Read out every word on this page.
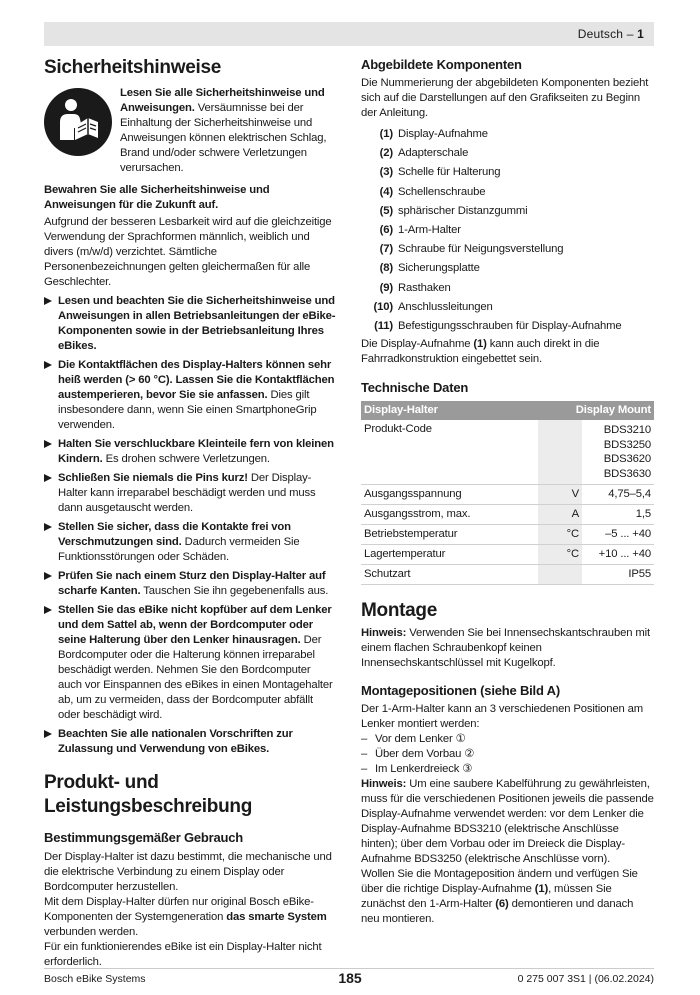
Deutsch – 1
Sicherheitshinweise

Lesen Sie alle Sicherheitshinweise und Anweisungen. Versäumnisse bei der Einhaltung der Sicherheitshinweise und Anweisungen können elektrischen Schlag, Brand und/oder schwere Verletzungen verursachen.

Bewahren Sie alle Sicherheitshinweise und Anweisungen für die Zukunft auf.

Aufgrund der besseren Lesbarkeit wird auf die gleichzeitige Verwendung der Sprachformen männlich, weiblich und divers (m/w/d) verzichtet. Sämtliche Personenbezeichnungen gelten gleichermaßen für alle Geschlechter.

Lesen und beachten Sie die Sicherheitshinweise und Anweisungen in allen Betriebsanleitungen der eBike-Komponenten sowie in der Betriebsanleitung Ihres eBikes.
Die Kontaktflächen des Display-Halters können sehr heiß werden (> 60 °C). Lassen Sie die Kontaktflächen austemperieren, bevor Sie sie anfassen. Dies gilt insbesondere dann, wenn Sie einen SmartphoneGrip verwenden.
Halten Sie verschluckbare Kleinteile fern von kleinen Kindern. Es drohen schwere Verletzungen.
Schließen Sie niemals die Pins kurz! Der Display-Halter kann irreparabel beschädigt werden und muss dann ausgetauscht werden.
Stellen Sie sicher, dass die Kontakte frei von Verschmutzungen sind. Dadurch vermeiden Sie Funktionsstörungen oder Schäden.
Prüfen Sie nach einem Sturz den Display-Halter auf scharfe Kanten. Tauschen Sie ihn gegebenenfalls aus.
Stellen Sie das eBike nicht kopfüber auf dem Lenker und dem Sattel ab, wenn der Bordcomputer oder seine Halterung über den Lenker hinausragen. Der Bordcomputer oder die Halterung können irreparabel beschädigt werden. Nehmen Sie den Bordcomputer auch vor Einspannen des eBikes in einen Montagehalter ab, um zu vermeiden, dass der Bordcomputer abfällt oder beschädigt wird.
Beachten Sie alle nationalen Vorschriften zur Zulassung und Verwendung von eBikes.
Produkt- und
Leistungsbeschreibung
Bestimmungsgemäßer Gebrauch

Der Display-Halter ist dazu bestimmt, die mechanische und die elektrische Verbindung zu einem Display oder Bordcomputer herzustellen.

Mit dem Display-Halter dürfen nur original Bosch eBike-Komponenten der Systemgeneration das smarte System verbunden werden.

Für ein funktionierendes eBike ist ein Display-Halter nicht erforderlich.

Abgebildete Komponenten

Die Nummerierung der abgebildeten Komponenten bezieht sich auf die Darstellungen auf den Grafikseiten zu Beginn der Anleitung.

(1) Display-Aufnahme
(2) Adapterschale
(3) Schelle für Halterung
(4) Schellenschraube
(5) sphärischer Distanzgummi
(6) 1-Arm-Halter
(7) Schraube für Neigungsverstellung
(8) Sicherungsplatte
(9) Rasthaken
(10) Anschlussleitungen
(11) Befestigungsschrauben für Display-Aufnahme

Die Display-Aufnahme (1) kann auch direkt in die Fahrradkonstruktion eingebettet sein.

Technische Daten
Display-Halter	Display Mount	
Produkt-Code		BDS3210
BDS3250
BDS3620
BDS3630

Ausgangsspannung	V	4,75–5,4
Ausgangsstrom, max.	A	1,5
Betriebstemperatur	°C	–5 ... +40
Lagertemperatur	°C	+10 ... +40
Schutzart		IP55
Montage

Hinweis: Verwenden Sie bei Innensechskantschrauben mit einem flachen Schraubenkopf keinen Innensechskantschlüssel mit Kugelkopf.

Montagepositionen (siehe Bild A)

Der 1-Arm-Halter kann an 3 verschiedenen Positionen am Lenker montiert werden:

– Vor dem Lenker ①
– Über dem Vorbau ②
– Im Lenkerdreieck ③

Hinweis: Um eine saubere Kabelführung zu gewährleisten, muss für die verschiedenen Positionen jeweils die passende Display-Aufnahme verwendet werden: vor dem Lenker die Display-Aufnahme BDS3210 (elektrische Anschlüsse hinten); über dem Vorbau oder im Dreieck die Display-Aufnahme BDS3250 (elektrische Anschlüsse vorn).

Wollen Sie die Montageposition ändern und verfügen Sie über die richtige Display-Aufnahme (1), müssen Sie zunächst den 1-Arm-Halter (6) demontieren und danach neu montieren.

Bosch eBike Systems	185	0 275 007 3S1 | (06.02.2024)
